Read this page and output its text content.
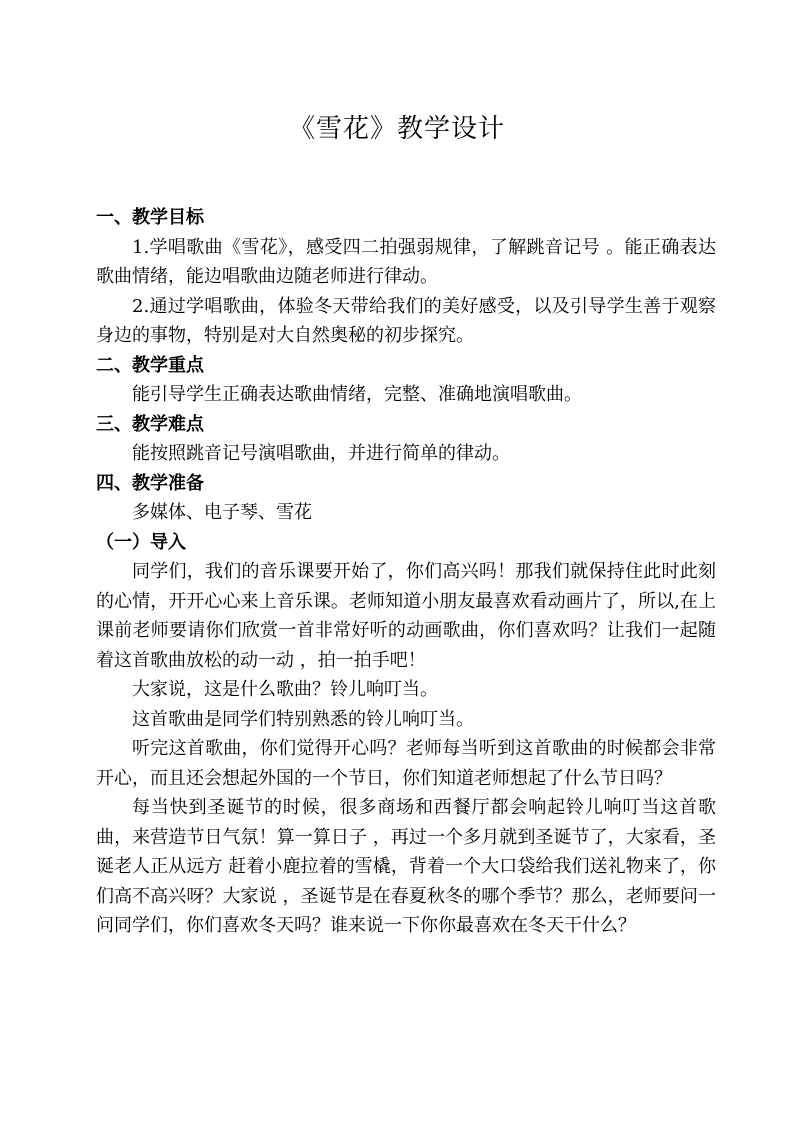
《雪花》教学设计

一、教学目标

1.学唱歌曲《雪花》，感受四二拍强弱规律，了解跳音记号 。能正确表达歌曲情绪，能边唱歌曲边随老师进行律动。

2.通过学唱歌曲，体验冬天带给我们的美好感受，以及引导学生善于观察身边的事物，特别是对大自然奥秘的初步探究。

二、教学重点

能引导学生正确表达歌曲情绪，完整、准确地演唱歌曲。

三、教学难点

能按照跳音记号演唱歌曲，并进行简单的律动。

四、教学准备

多媒体、电子琴、雪花

（一）导入

同学们，我们的音乐课要开始了，你们高兴吗！那我们就保持住此时此刻的心情，开开心心来上音乐课。老师知道小朋友最喜欢看动画片了，所以,在上课前老师要请你们欣赏一首非常好听的动画歌曲，你们喜欢吗？让我们一起随着这首歌曲放松的动一动 ，拍一拍手吧！

大家说，这是什么歌曲？铃儿响叮当。

这首歌曲是同学们特别熟悉的铃儿响叮当。

听完这首歌曲，你们觉得开心吗？老师每当听到这首歌曲的时候都会非常开心，而且还会想起外国的一个节日，你们知道老师想起了什么节日吗？

每当快到圣诞节的时候，很多商场和西餐厅都会响起铃儿响叮当这首歌曲，来营造节日气氛！算一算日子 ，再过一个多月就到圣诞节了，大家看，圣诞老人正从远方 赶着小鹿拉着的雪橇，背着一个大口袋给我们送礼物来了，你们高不高兴呀？大家说 ，圣诞节是在春夏秋冬的哪个季节？那么，老师要问一问同学们，你们喜欢冬天吗？谁来说一下你你最喜欢在冬天干什么？
